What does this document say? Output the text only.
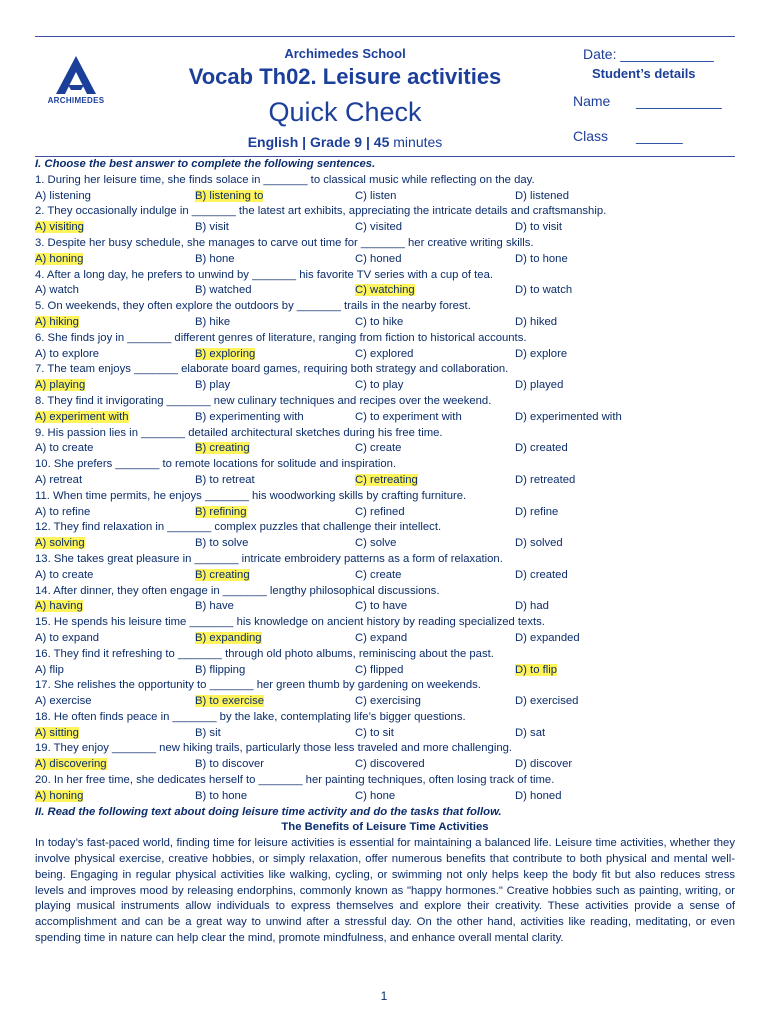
ARCHIMEDES
Archimedes School
Vocab Th02. Leisure activities
Quick Check
English | Grade 9 | 45 minutes
Date: ____________
Student’s details
Name ___________
Class ______
I. Choose the best answer to complete the following sentences.
1. During her leisure time, she finds solace in _______ to classical music while reflecting on the day.
A) listening	B) listening to	C) listen	D) listened
2. They occasionally indulge in _______ the latest art exhibits, appreciating the intricate details and craftsmanship.
A) visiting	B) visit	C) visited	D) to visit
3. Despite her busy schedule, she manages to carve out time for _______ her creative writing skills.
A) honing	B) hone	C) honed	D) to hone
4. After a long day, he prefers to unwind by _______ his favorite TV series with a cup of tea.
A) watch	B) watched	C) watching	D) to watch
5. On weekends, they often explore the outdoors by _______ trails in the nearby forest.
A) hiking	B) hike	C) to hike	D) hiked
6. She finds joy in _______ different genres of literature, ranging from fiction to historical accounts.
A) to explore	B) exploring	C) explored	D) explore
7. The team enjoys _______ elaborate board games, requiring both strategy and collaboration.
A) playing	B) play	C) to play	D) played
8. They find it invigorating _______ new culinary techniques and recipes over the weekend.
A) experiment with	B) experimenting with	C) to experiment with	D) experimented with
9. His passion lies in _______ detailed architectural sketches during his free time.
A) to create	B) creating	C) create	D) created
10. She prefers _______ to remote locations for solitude and inspiration.
A) retreat	B) to retreat	C) retreating	D) retreated
11. When time permits, he enjoys _______ his woodworking skills by crafting furniture.
A) to refine	B) refining	C) refined	D) refine
12. They find relaxation in _______ complex puzzles that challenge their intellect.
A) solving	B) to solve	C) solve	D) solved
13. She takes great pleasure in _______ intricate embroidery patterns as a form of relaxation.
A) to create	B) creating	C) create	D) created
14. After dinner, they often engage in _______ lengthy philosophical discussions.
A) having	B) have	C) to have	D) had
15. He spends his leisure time _______ his knowledge on ancient history by reading specialized texts.
A) to expand	B) expanding	C) expand	D) expanded
16. They find it refreshing to _______ through old photo albums, reminiscing about the past.
A) flip	B) flipping	C) flipped	D) to flip
17. She relishes the opportunity to _______ her green thumb by gardening on weekends.
A) exercise	B) to exercise	C) exercising	D) exercised
18. He often finds peace in _______ by the lake, contemplating life’s bigger questions.
A) sitting	B) sit	C) to sit	D) sat
19. They enjoy _______ new hiking trails, particularly those less traveled and more challenging.
A) discovering	B) to discover	C) discovered	D) discover
20. In her free time, she dedicates herself to _______ her painting techniques, often losing track of time.
A) honing	B) to hone	C) hone	D) honed
II. Read the following text about doing leisure time activity and do the tasks that follow.
The Benefits of Leisure Time Activities
In today’s fast-paced world, finding time for leisure activities is essential for maintaining a balanced life. Leisure time activities, whether they involve physical exercise, creative hobbies, or simply relaxation, offer numerous benefits that contribute to both physical and mental well-being. Engaging in regular physical activities like walking, cycling, or swimming not only helps keep the body fit but also reduces stress levels and improves mood by releasing endorphins, commonly known as "happy hormones." Creative hobbies such as painting, writing, or playing musical instruments allow individuals to express themselves and explore their creativity. These activities provide a sense of accomplishment and can be a great way to unwind after a stressful day. On the other hand, activities like reading, meditating, or even spending time in nature can help clear the mind, promote mindfulness, and enhance overall mental clarity.
1
